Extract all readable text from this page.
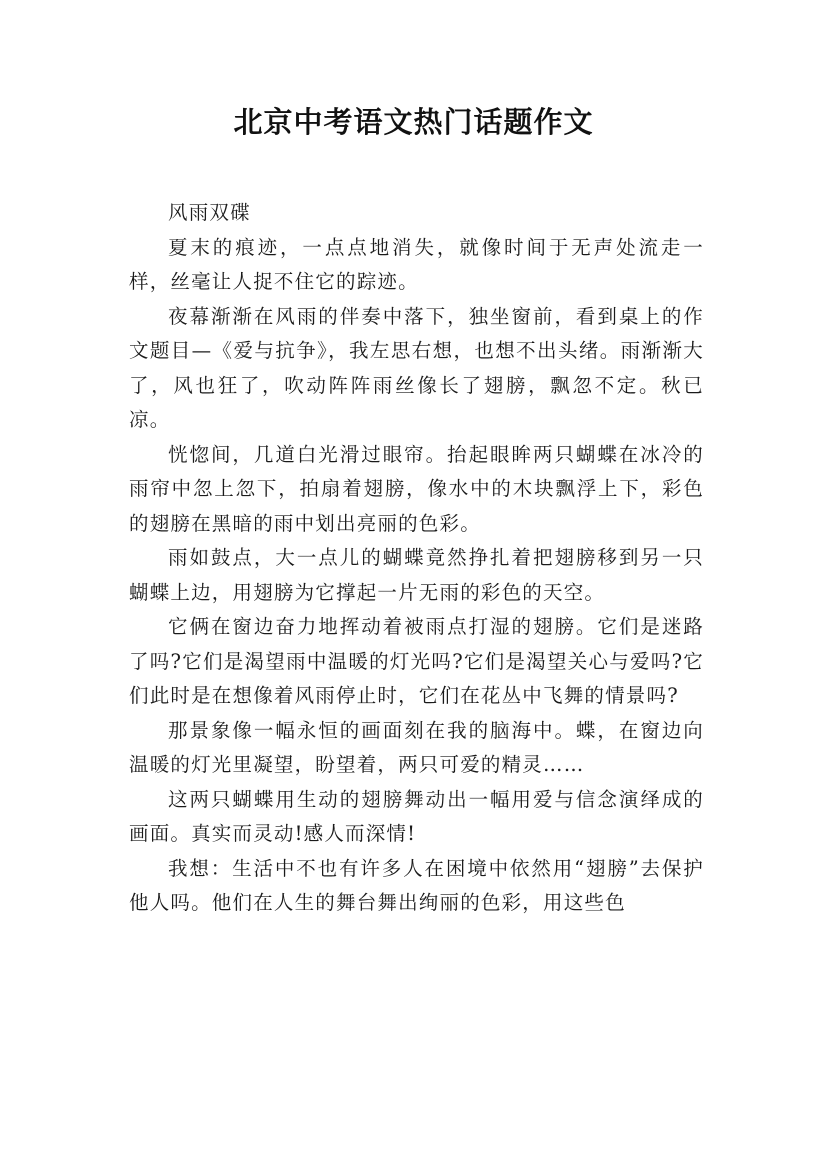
北京中考语文热门话题作文

风雨双碟

夏末的痕迹，一点点地消失，就像时间于无声处流走一样，丝毫让人捉不住它的踪迹。

夜幕渐渐在风雨的伴奏中落下，独坐窗前，看到桌上的作文题目—《爱与抗争》，我左思右想，也想不出头绪。雨渐渐大了，风也狂了，吹动阵阵雨丝像长了翅膀，飘忽不定。秋已凉。

恍惚间，几道白光滑过眼帘。抬起眼眸两只蝴蝶在冰冷的雨帘中忽上忽下，拍扇着翅膀，像水中的木块飘浮上下，彩色的翅膀在黑暗的雨中划出亮丽的色彩。

雨如鼓点，大一点儿的蝴蝶竟然挣扎着把翅膀移到另一只蝴蝶上边，用翅膀为它撑起一片无雨的彩色的天空。

它俩在窗边奋力地挥动着被雨点打湿的翅膀。它们是迷路了吗?它们是渴望雨中温暖的灯光吗?它们是渴望关心与爱吗?它们此时是在想像着风雨停止时，它们在花丛中飞舞的情景吗?

那景象像一幅永恒的画面刻在我的脑海中。蝶，在窗边向温暖的灯光里凝望，盼望着，两只可爱的精灵……

这两只蝴蝶用生动的翅膀舞动出一幅用爱与信念演绎成的画面。真实而灵动!感人而深情!

我想：生活中不也有许多人在困境中依然用“翅膀”去保护他人吗。他们在人生的舞台舞出绚丽的色彩，用这些色
